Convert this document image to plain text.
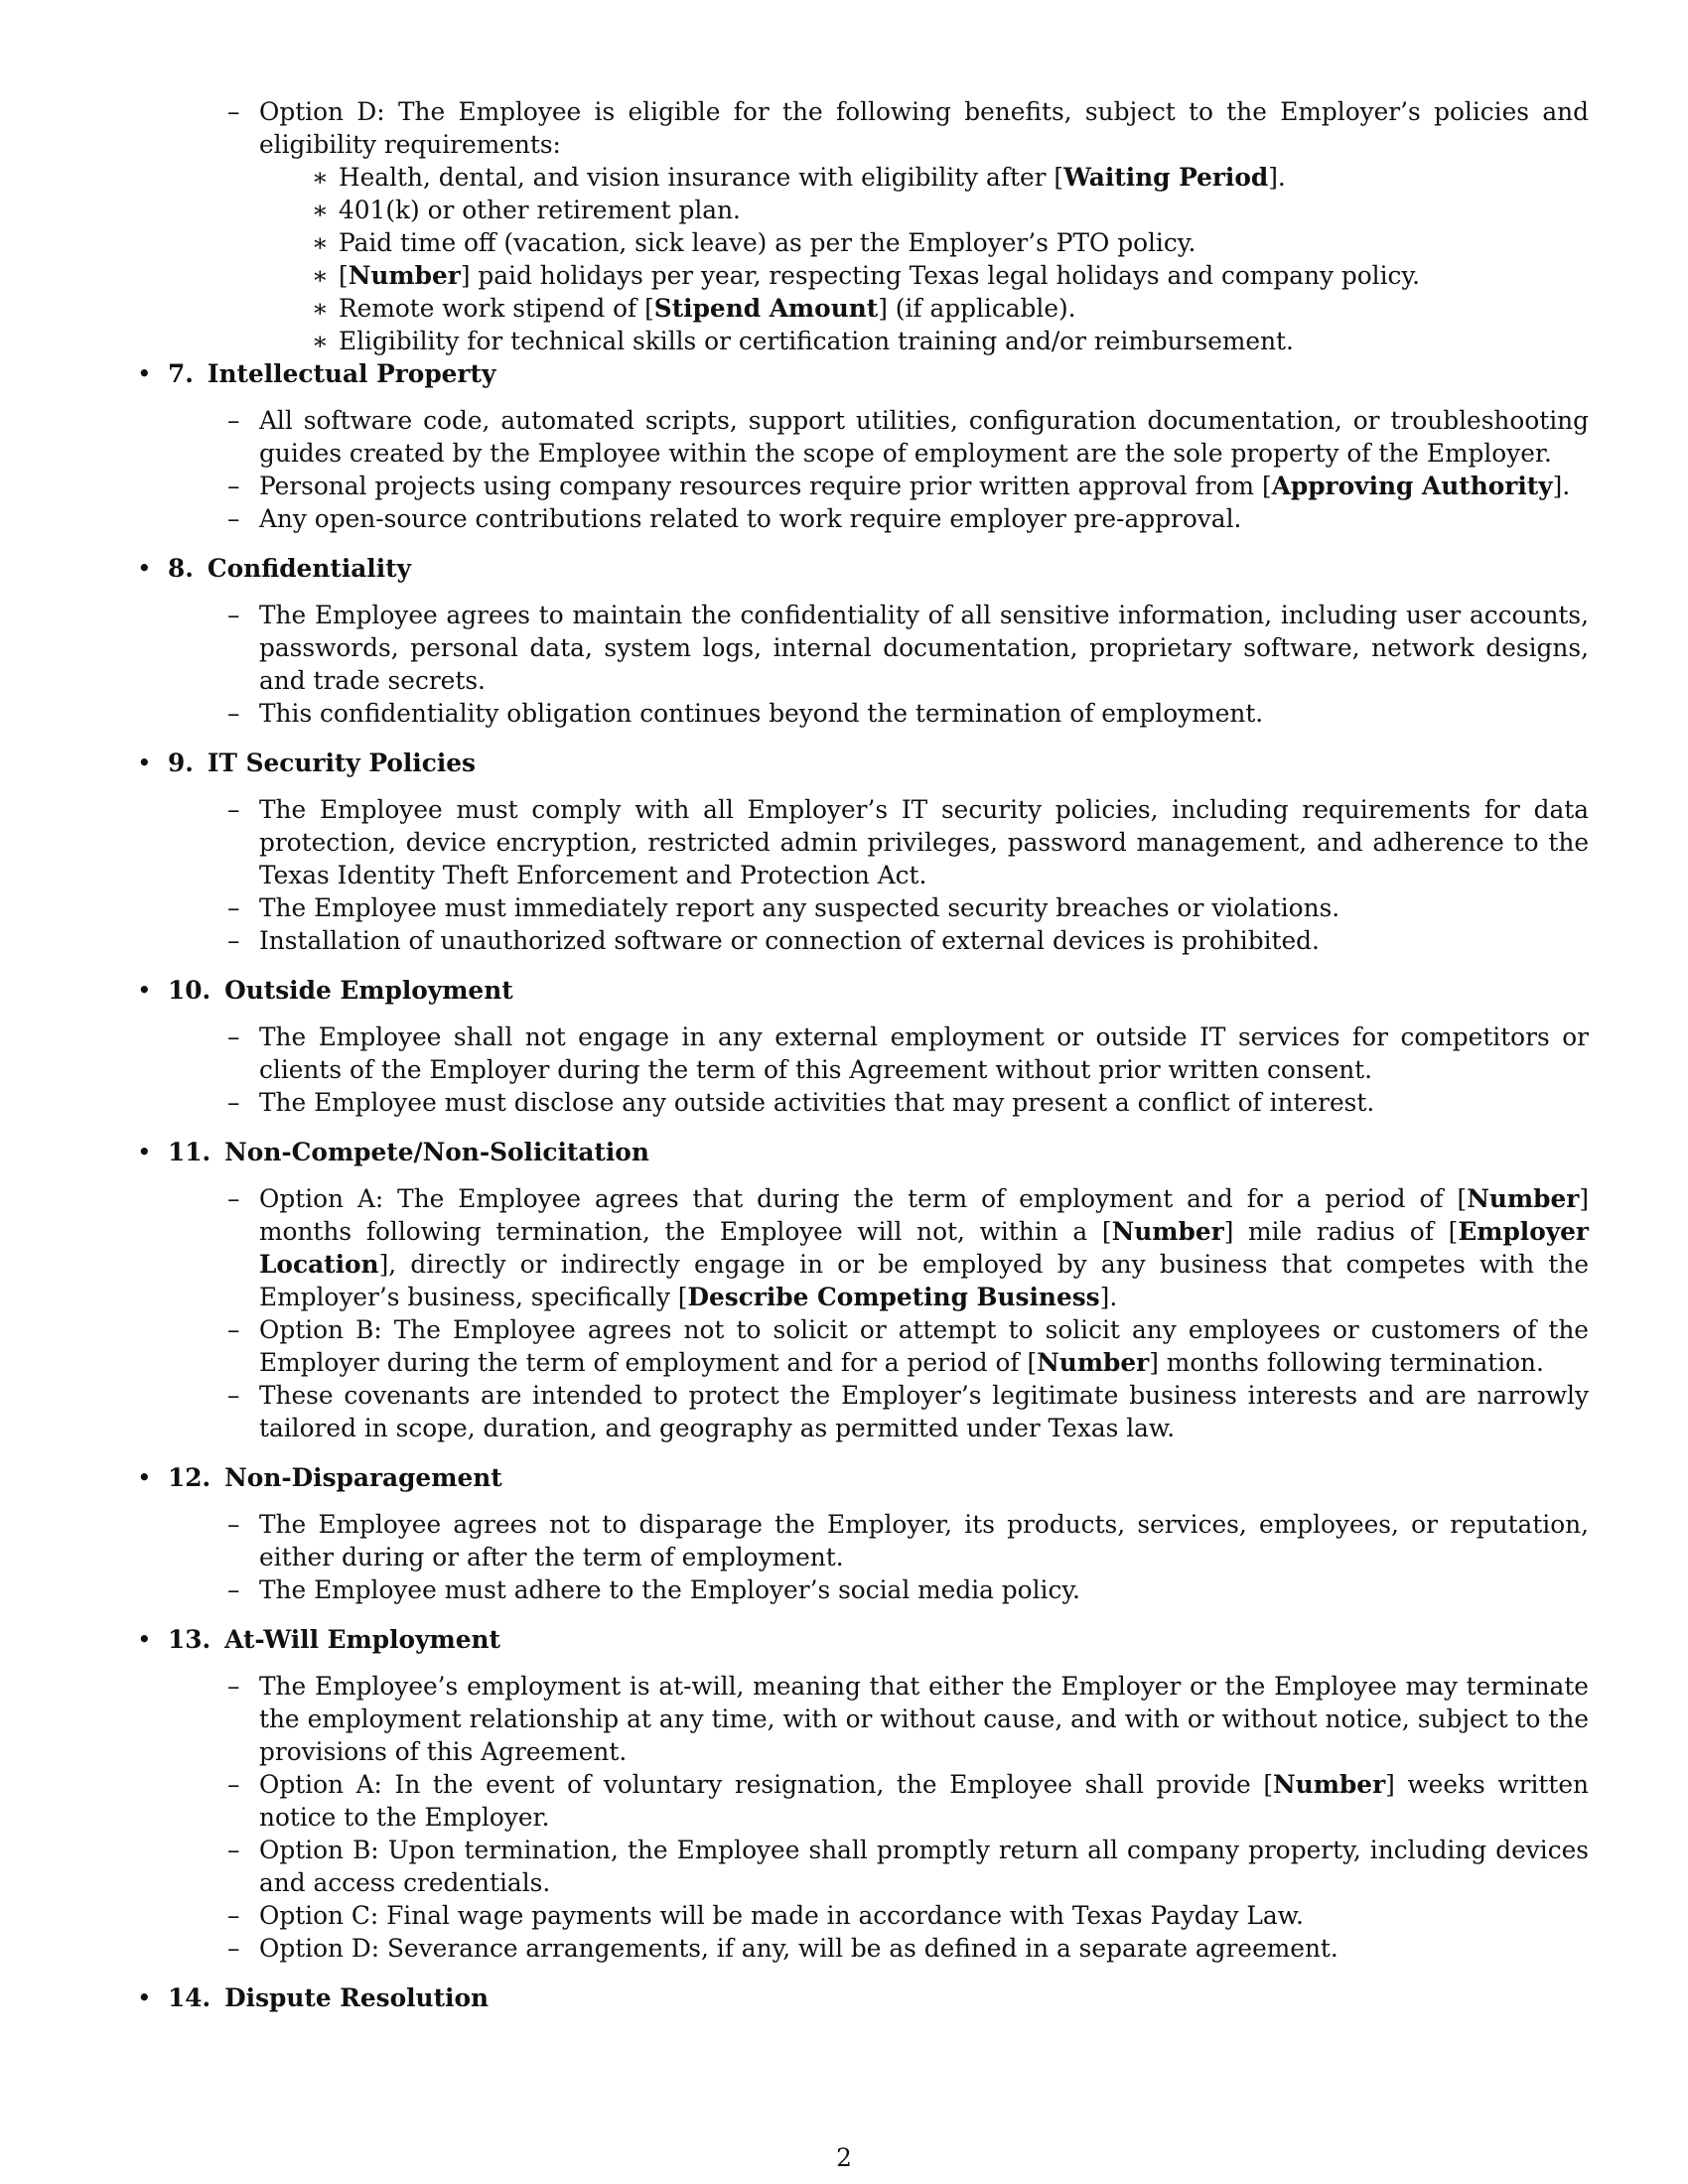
– Option D: The Employee is eligible for the following benefits, subject to the Employer’s policies and eligibility requirements:
∗ Health, dental, and vision insurance with eligibility after [Waiting Period].
∗ 401(k) or other retirement plan.
∗ Paid time off (vacation, sick leave) as per the Employer’s PTO policy.
∗ [Number] paid holidays per year, respecting Texas legal holidays and company policy.
∗ Remote work stipend of [Stipend Amount] (if applicable).
∗ Eligibility for technical skills or certification training and/or reimbursement.
• 7. Intellectual Property
– All software code, automated scripts, support utilities, configuration documentation, or troubleshooting guides created by the Employee within the scope of employment are the sole property of the Employer.
– Personal projects using company resources require prior written approval from [Approving Authority].
– Any open-source contributions related to work require employer pre-approval.
• 8. Confidentiality
– The Employee agrees to maintain the confidentiality of all sensitive information, including user accounts, passwords, personal data, system logs, internal documentation, proprietary software, network designs, and trade secrets.
– This confidentiality obligation continues beyond the termination of employment.
• 9. IT Security Policies
– The Employee must comply with all Employer’s IT security policies, including requirements for data protection, device encryption, restricted admin privileges, password management, and adherence to the Texas Identity Theft Enforcement and Protection Act.
– The Employee must immediately report any suspected security breaches or violations.
– Installation of unauthorized software or connection of external devices is prohibited.
• 10. Outside Employment
– The Employee shall not engage in any external employment or outside IT services for competitors or clients of the Employer during the term of this Agreement without prior written consent.
– The Employee must disclose any outside activities that may present a conflict of interest.
• 11. Non-Compete/Non-Solicitation
– Option A: The Employee agrees that during the term of employment and for a period of [Number] months following termination, the Employee will not, within a [Number] mile radius of [Employer Location], directly or indirectly engage in or be employed by any business that competes with the Employer’s business, specifically [Describe Competing Business].
– Option B: The Employee agrees not to solicit or attempt to solicit any employees or customers of the Employer during the term of employment and for a period of [Number] months following termination.
– These covenants are intended to protect the Employer’s legitimate business interests and are narrowly tailored in scope, duration, and geography as permitted under Texas law.
• 12. Non-Disparagement
– The Employee agrees not to disparage the Employer, its products, services, employees, or reputation, either during or after the term of employment.
– The Employee must adhere to the Employer’s social media policy.
• 13. At-Will Employment
– The Employee’s employment is at-will, meaning that either the Employer or the Employee may terminate the employment relationship at any time, with or without cause, and with or without notice, subject to the provisions of this Agreement.
– Option A: In the event of voluntary resignation, the Employee shall provide [Number] weeks written notice to the Employer.
– Option B: Upon termination, the Employee shall promptly return all company property, including devices and access credentials.
– Option C: Final wage payments will be made in accordance with Texas Payday Law.
– Option D: Severance arrangements, if any, will be as defined in a separate agreement.
• 14. Dispute Resolution
2
